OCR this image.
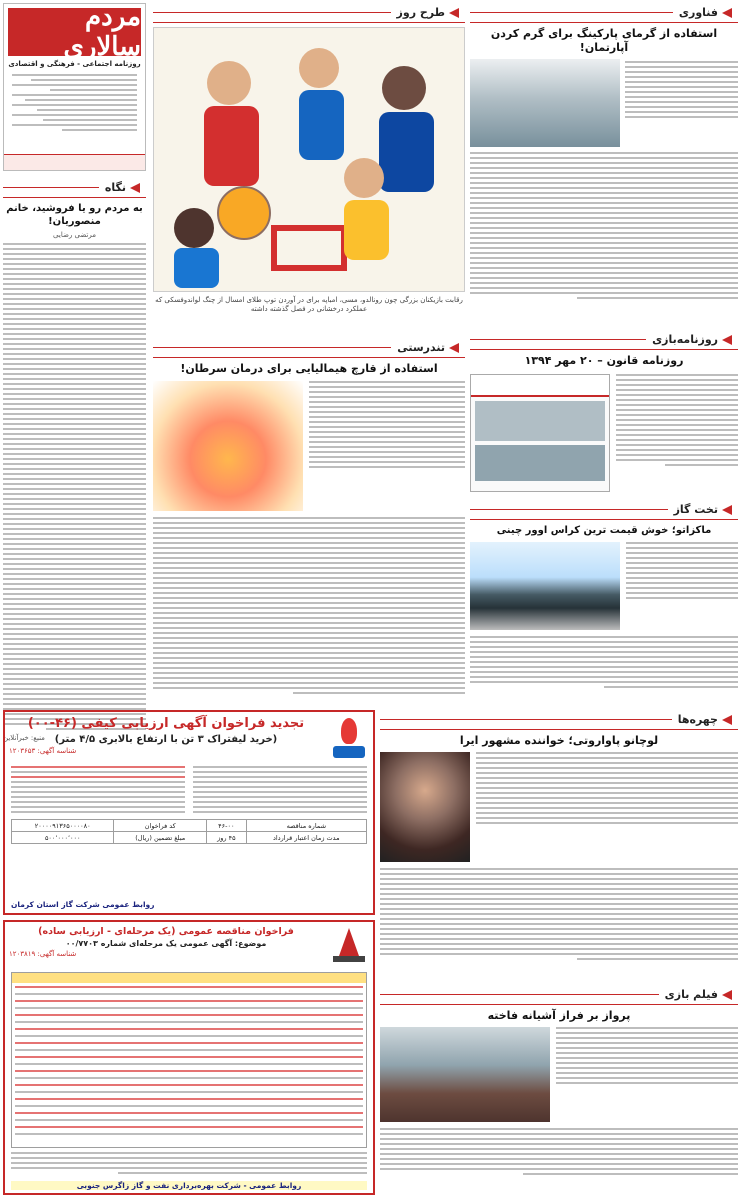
مردم سالاری
روزنامه اجتماعی - فرهنگی و اقتصادی
طرح روز
رقابت بازیکنان بزرگی چون رونالدو، مسی، امباپه برای در آوردن توپ طلای امسال از چنگ لواندوفسکی که عملکرد درخشانی در فصل گذشته داشته
فناوری
استفاده از گرمای پارکینگ برای گرم کردن آپارتمان!
نگاه
به مردم رو یا فروشید، خانم منصوریان!
مرتضی رضایی
منبع: خبرآنلاین
روزنامه‌بازی
روزنامه قانون – ۲۰ مهر ۱۳۹۴
تندرستی
استفاده از قارچ هیمالیایی برای درمان سرطان!
تخت گاز
ماکزاتو؛ خوش قیمت ترین کراس اوور چینی
تجدید فراخوان آگهی ارزیابی کیفی (۴۶-۰۰)
(خرید لیفتراک ۳ تن با ارتفاع بالابری ۴/۵ متر)
شناسه آگهی: ۱۲۰۳۶۵۳
شماره مناقصه	۴۶-۰۰	کد فراخوان	۲۰۰۰۰۹۱۳۶۵۰۰۰۰۸۰
مدت زمان اعتبار قرارداد	۴۵ روز	مبلغ تضمین (ریال)	۵۰۰٬۰۰۰٬۰۰۰
روابط عمومی شرکت گاز استان کرمان
فراخوان مناقصه عمومی (یک مرحله‌ای - ارزیابی ساده)
موضوع: آگهی عمومی یک مرحله‌ای شماره ۰۰/۷۷۰۳
شناسه آگهی: ۱۲۰۳۸۱۹
روابط عمومی - شرکت بهره‌برداری نفت و گاز زاگرس جنوبی
چهره‌ها
لوچانو پاواروتی؛ خواننده مشهور ایرا
فیلم بازی
پرواز بر فراز آشیانه فاخته
